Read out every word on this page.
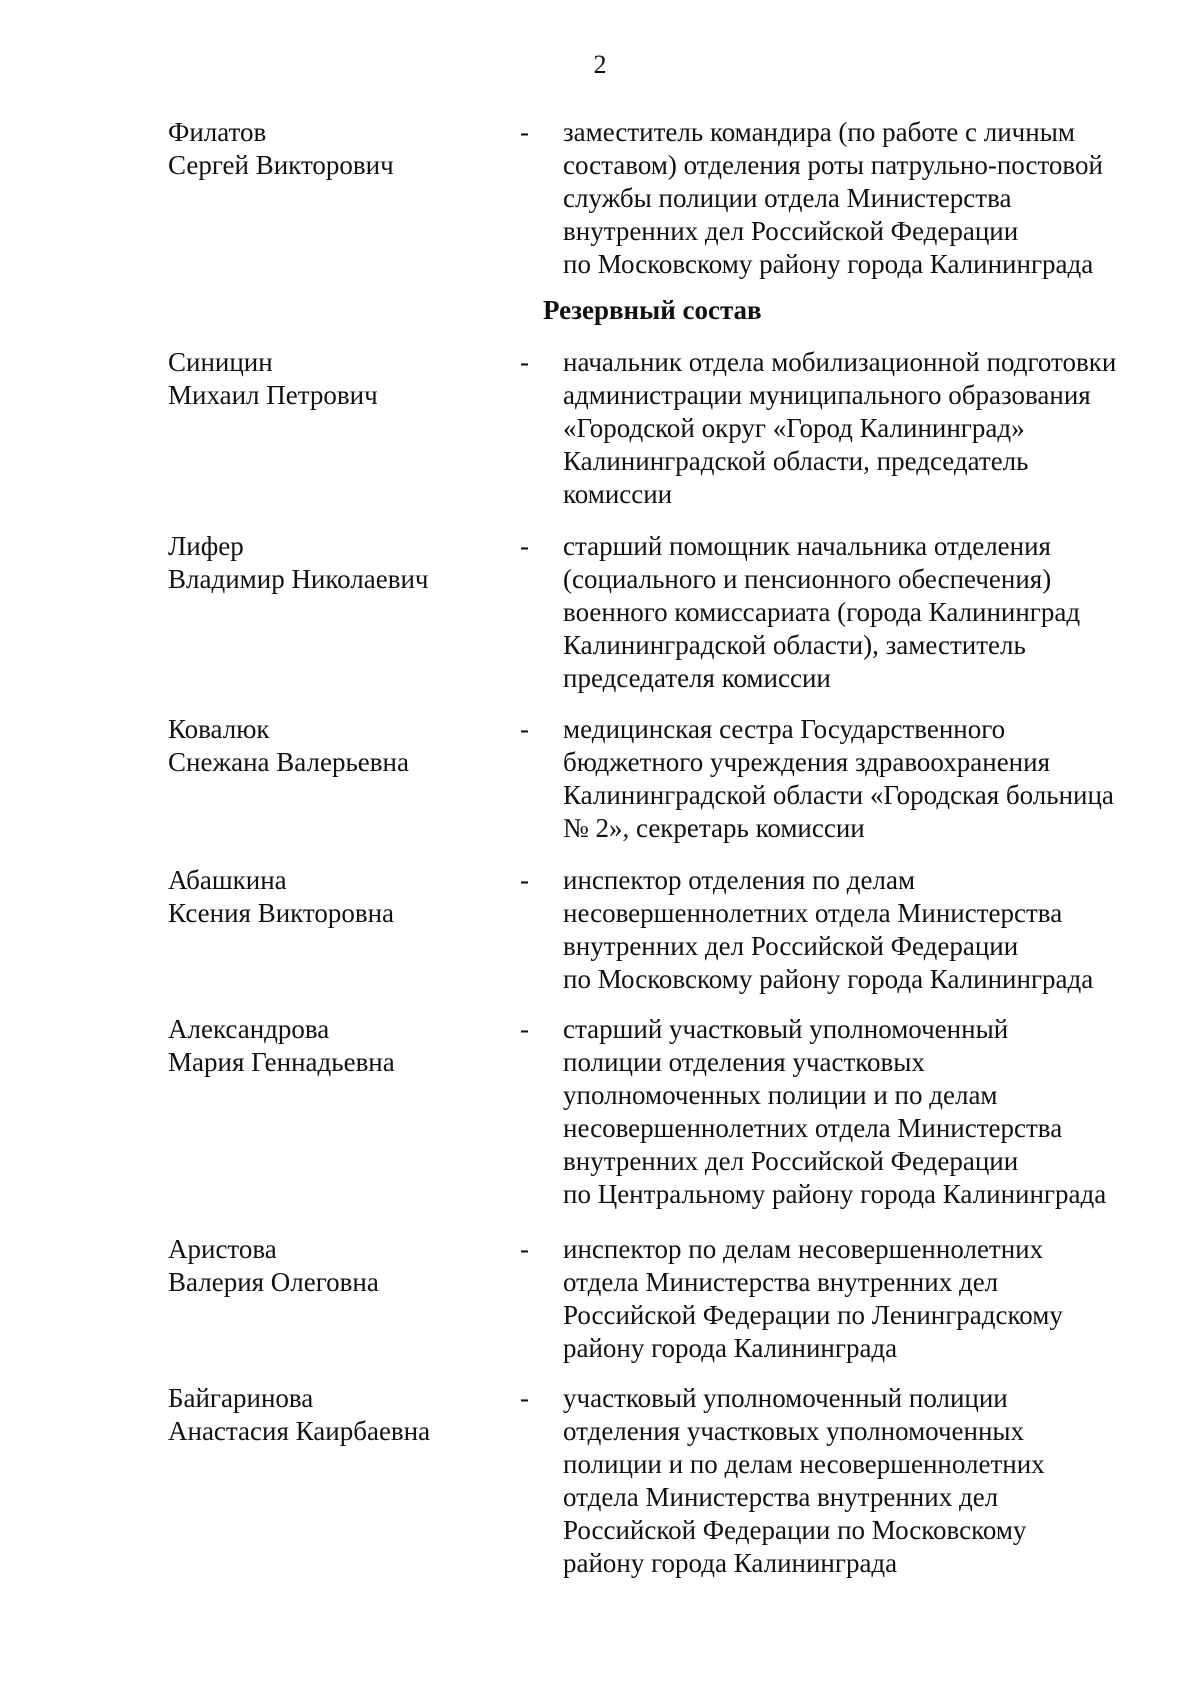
2
Филатов
Сергей Викторович
- заместитель командира (по работе с личным
составом) отделения роты патрульно-постовой
службы полиции отдела Министерства
внутренних дел Российской Федерации
по Московскому району города Калининграда
Резервный состав
Синицин
Михаил Петрович
- начальник отдела мобилизационной подготовки
администрации муниципального образования
«Городской округ «Город Калининград»
Калининградской области, председатель
комиссии
Лифер
Владимир Николаевич
- старший помощник начальника отделения
(социального и пенсионного обеспечения)
военного комиссариата (города Калининград
Калининградской области), заместитель
председателя комиссии
Ковалюк
Снежана Валерьевна
- медицинская сестра Государственного
бюджетного учреждения здравоохранения
Калининградской области «Городская больница
№ 2», секретарь комиссии
Абашкина
Ксения Викторовна
- инспектор отделения по делам
несовершеннолетних отдела Министерства
внутренних дел Российской Федерации
по Московскому району города Калининграда
Александрова
Мария Геннадьевна
- старший участковый уполномоченный
полиции отделения участковых
уполномоченных полиции и по делам
несовершеннолетних отдела Министерства
внутренних дел Российской Федерации
по Центральному району города Калининграда
Аристова
Валерия Олеговна
- инспектор по делам несовершеннолетних
отдела Министерства внутренних дел
Российской Федерации по Ленинградскому
району города Калининграда
Байгаринова
Анастасия Каирбаевна
- участковый уполномоченный полиции
отделения участковых уполномоченных
полиции и по делам несовершеннолетних
отдела Министерства внутренних дел
Российской Федерации по Московскому
району города Калининграда
